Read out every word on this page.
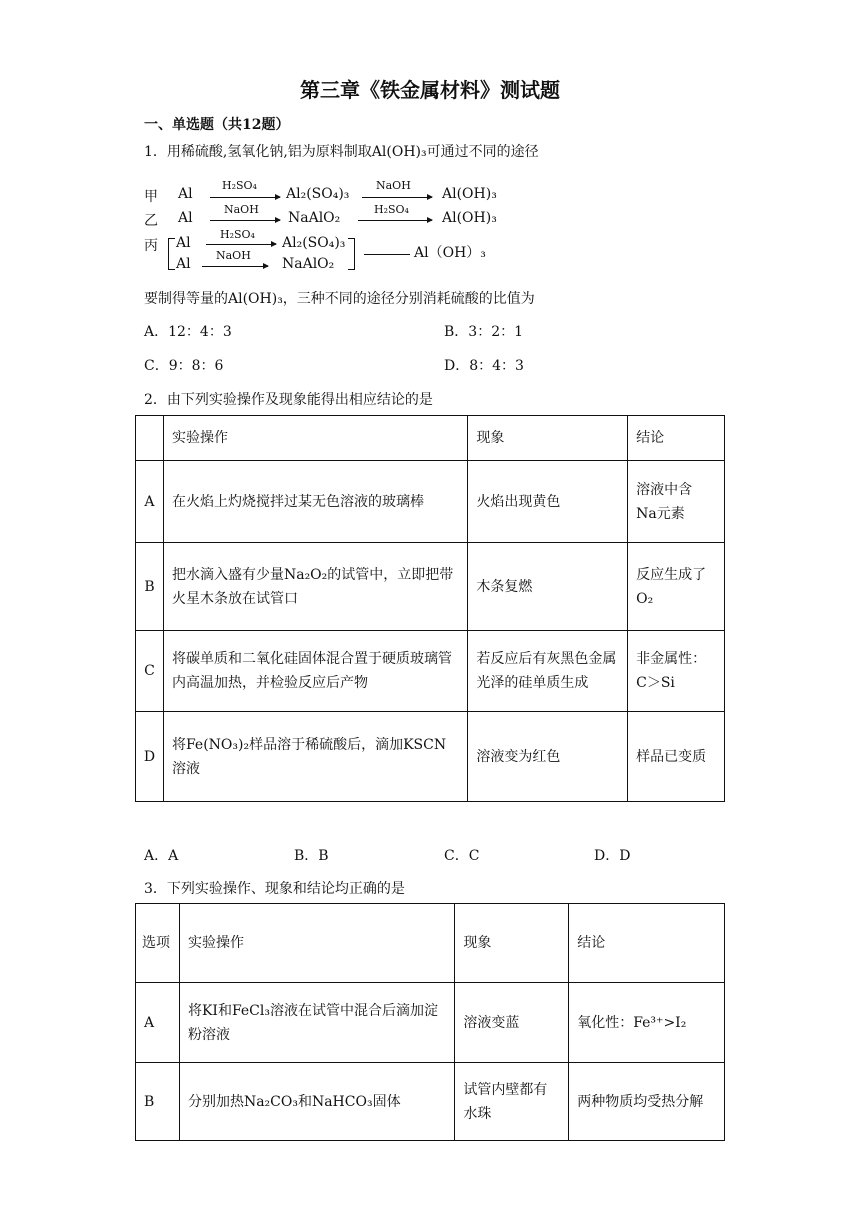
第三章《铁金属材料》测试题
一、单选题（共12题）
1．用稀硫酸,氢氧化钠,铝为原料制取Al(OH)₃可通过不同的途径
甲 Al
H₂SO₄
Al₂(SO₄)₃
NaOH
Al(OH)₃
乙 Al
NaOH
NaAlO₂
H₂SO₄
Al(OH)₃
丙 Al
H₂SO₄
Al₂(SO₄)₃
Al
NaOH
NaAlO₂
Al（OH）₃
要制得等量的Al(OH)₃，三种不同的途径分别消耗硫酸的比值为
A．12：4：3	B．3：2：1
C．9：8：6	D．8：4：3
2．由下列实验操作及现象能得出相应结论的是
	实验操作	现象	结论
A	在火焰上灼烧搅拌过某无色溶液的玻璃棒	火焰出现黄色	溶液中含 Na元素
B	把水滴入盛有少量Na₂O₂的试管中，立即把带火星木条放在试管口	木条复燃	反应生成了O₂
C	将碳单质和二氧化硅固体混合置于硬质玻璃管内高温加热，并检验反应后产物	若反应后有灰黑色金属光泽的硅单质生成	非金属性：C＞Si
D	将Fe(NO₃)₂样品溶于稀硫酸后，滴加KSCN溶液	溶液变为红色	样品已变质
A．A	B．B	C．C	D．D
3．下列实验操作、现象和结论均正确的是
选项	实验操作	现象	结论
A	将KI和FeCl₃溶液在试管中混合后滴加淀粉溶液	溶液变蓝	氧化性：Fe³⁺>I₂
B	分别加热Na₂CO₃和NaHCO₃固体	试管内壁都有水珠	两种物质均受热分解
